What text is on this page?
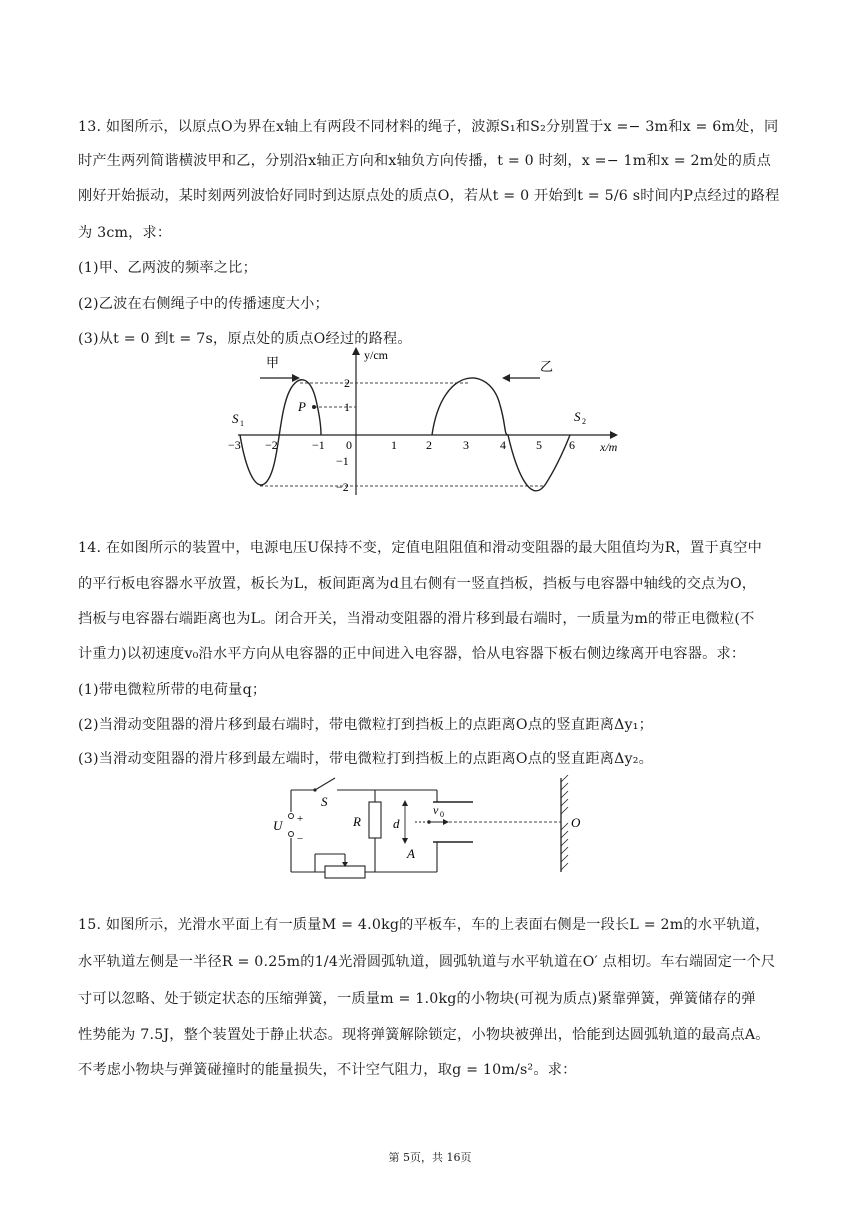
13. 如图所示，以原点O为界在x轴上有两段不同材料的绳子，波源S₁和S₂分别置于x =− 3m和x = 6m处，同
时产生两列简谐横波甲和乙，分别沿x轴正方向和x轴负方向传播，t = 0 时刻，x =− 1m和x = 2m处的质点
刚好开始振动，某时刻两列波恰好同时到达原点处的质点O，若从t = 0 开始到t = 5/6 s时间内P点经过的路程
为 3cm，求：
(1)甲、乙两波的频率之比；
(2)乙波在右侧绳子中的传播速度大小；
(3)从t = 0 到t = 7s，原点处的质点O经过的路程。
甲	乙
y/cm
x/m
P
S 1	S 2
−3 −2	−1 0	1 2	3	4	5 6
2
1
−1
−2
14. 在如图所示的装置中，电源电压U保持不变，定值电阻阻值和滑动变阻器的最大阻值均为R，置于真空中
的平行板电容器水平放置，板长为L，板间距离为d且右侧有一竖直挡板，挡板与电容器中轴线的交点为O，
挡板与电容器右端距离也为L。闭合开关，当滑动变阻器的滑片移到最右端时，一质量为m的带正电微粒(不
计重力)以初速度v₀沿水平方向从电容器的正中间进入电容器，恰从电容器下板右侧边缘离开电容器。求：
(1)带电微粒所带的电荷量q；
(2)当滑动变阻器的滑片移到最右端时，带电微粒打到挡板上的点距离O点的竖直距离Δy₁；
(3)当滑动变阻器的滑片移到最左端时，带电微粒打到挡板上的点距离O点的竖直距离Δy₂。
U +
−
S
R d
v 0
A
O
15. 如图所示，光滑水平面上有一质量M = 4.0kg的平板车，车的上表面右侧是一段长L = 2m的水平轨道，
水平轨道左侧是一半径R = 0.25m的1/4光滑圆弧轨道，圆弧轨道与水平轨道在O′ 点相切。车右端固定一个尺
寸可以忽略、处于锁定状态的压缩弹簧，一质量m = 1.0kg的小物块(可视为质点)紧靠弹簧，弹簧储存的弹
性势能为 7.5J，整个装置处于静止状态。现将弹簧解除锁定，小物块被弹出，恰能到达圆弧轨道的最高点A。
不考虑小物块与弹簧碰撞时的能量损失，不计空气阻力，取g = 10m/s²。求：
第 5页，共 16页
